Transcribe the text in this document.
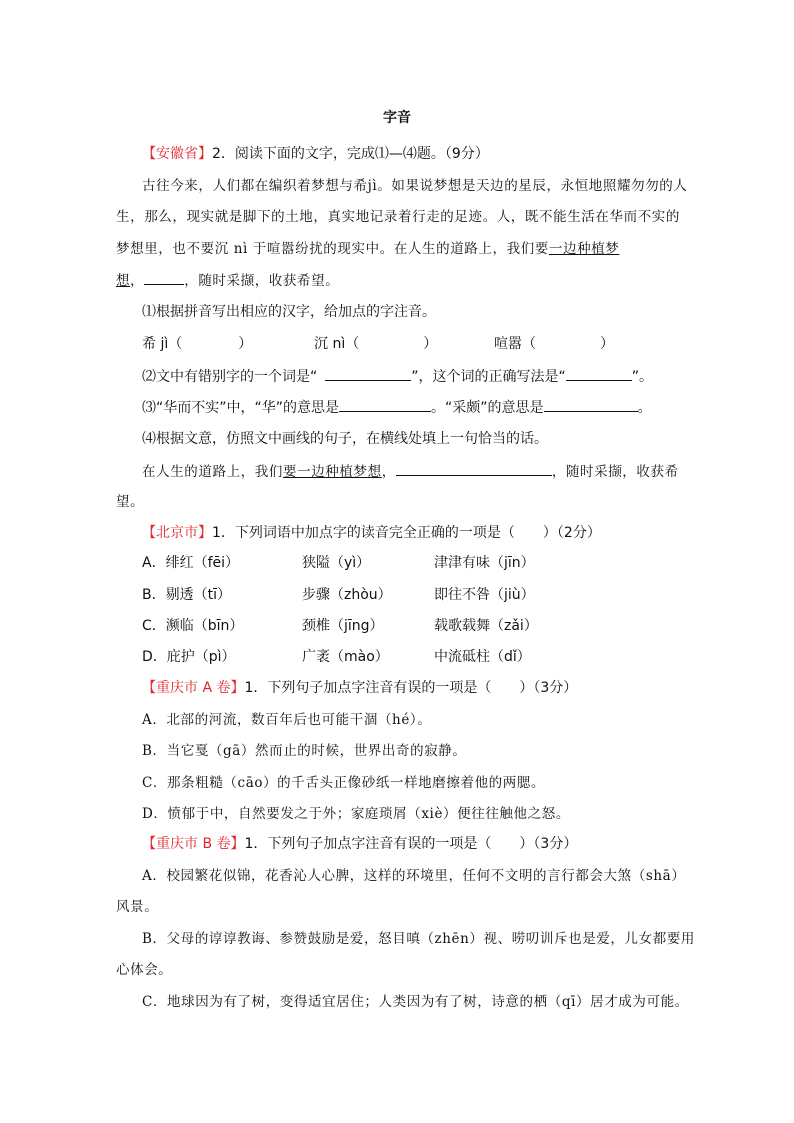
字音
【安徽省】2．阅读下面的文字，完成⑴—⑷题。（9分）
古往今来，人们都在编织着梦想与希jì。如果说梦想是天边的星辰，永恒地照耀勿勿的人
生，那么，现实就是脚下的土地，真实地记录着行走的足迹。人，既不能生活在华而不实的
梦想里，也不要沉 nì 于喧嚣纷扰的现实中。在人生的道路上，我们要一边种植梦
想，	，随时采撷，收获希望。
⑴根据拼音写出相应的汉字，给加点的字注音。
希 jì（	）	沉 nì（	）	喧嚣（	）
⑵文中有错别字的一个词是“	”，这个词的正确写法是“	”。
⑶“华而不实”中，“华”的意思是	。“采颇”的意思是	。
⑷根据文意，仿照文中画线的句子，在横线处填上一句恰当的话。
在人生的道路上，我们要一边种植梦想，	，随时采撷，收获希
望。
【北京市】1．下列词语中加点字的读音完全正确的一项是（　　）（2分）
A．绯红（fēi）	狭隘（yì）	津津有味（jīn）
B．剔透（tī）	步骤（zhòu）	即往不咎（jiù）
C．濒临（bīn）	颈椎（jīng）	载歌载舞（zǎi）
D．庇护（pì）	广袤（mào）	中流砥柱（dǐ）
【重庆市 A 卷】1．下列句子加点字注音有误的一项是（　　）（3分）
A．北部的河流，数百年后也可能干涸（hé）。
B．当它戛（gā）然而止的时候，世界出奇的寂静。
C．那条粗糙（cāo）的千舌头正像砂纸一样地磨擦着他的两腮。
D．愤郁于中，自然要发之于外；家庭琐屑（xiè）便往往触他之怒。
【重庆市 B 卷】1．下列句子加点字注音有误的一项是（　　）（3分）
A．校园繁花似锦，花香沁人心脾，这样的环境里，任何不文明的言行都会大煞（shā）
风景。
B．父母的谆谆教诲、参赞鼓励是爱，怒目嗔（zhēn）视、唠叨训斥也是爱，儿女都要用
心体会。
C．地球因为有了树，变得适宜居住；人类因为有了树，诗意的栖（qī）居才成为可能。
